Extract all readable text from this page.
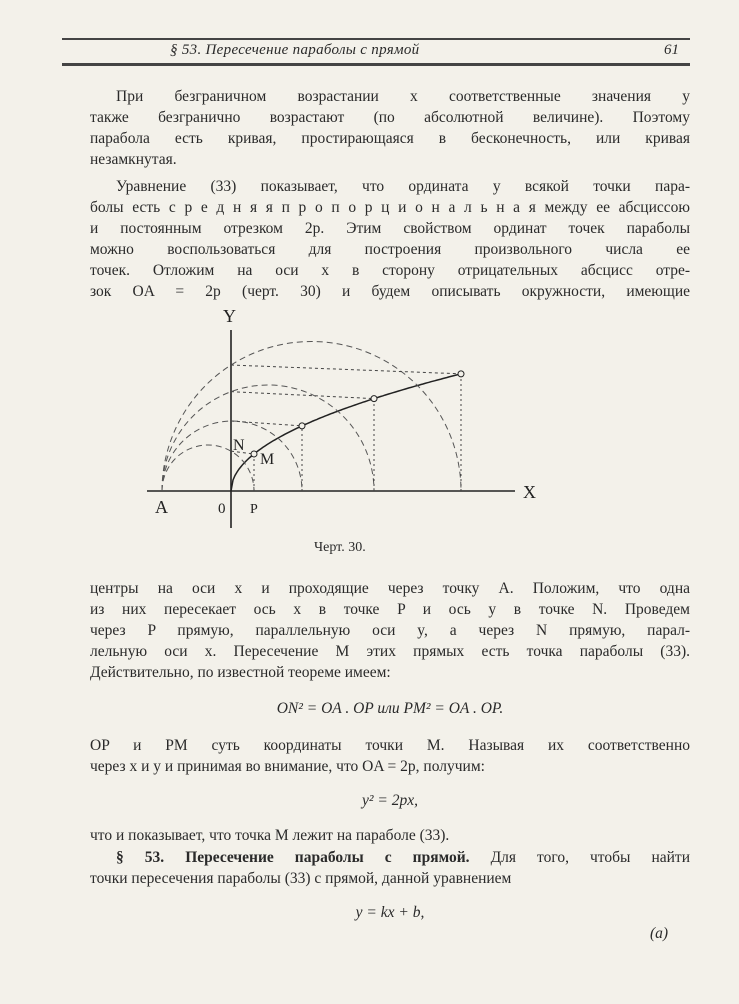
§ 53. Пересечение параболы с прямой	61
При безграничном возрастании x соответственные значения y
также безгранично возрастают (по абсолютной величине). Поэтому
парабола есть кривая, простирающаяся в бесконечность, или кривая
незамкнутая.
Уравнение (33) показывает, что ордината y всякой точки пара-
болы есть с р е д н я я п р о п о р ц и о н а л ь н а я между ее абсциссою
и постоянным отрезком 2p. Этим свойством ординат точек параболы
можно воспользоваться для построения произвольного числа ее
точек. Отложим на оси x в сторону отрицательных абсцисс отре-
зок OA = 2p (черт. 30) и будем описывать окружности, имеющие
центры на оси x и проходящие через точку A. Положим, что одна
из них пересекает ось x в точке P и ось y в точке N. Проведем
через P прямую, параллельную оси y, а через N прямую, парал-
лельную оси x. Пересечение M этих прямых есть точка параболы (33).
Действительно, по известной теореме имеем:
ON² = OA . OP или PM² = OA . OP.
OP и PM суть координаты точки M. Называя их соответственно
через x и y и принимая во внимание, что OA = 2p, получим:
y² = 2px,
что и показывает, что точка M лежит на параболе (33).
§ 53. Пересечение параболы с прямой. Для того, чтобы найти
точки пересечения параболы (33) с прямой, данной уравнением
y = kx + b,
(a)
Y
X
A	0 P
N
M
Черт. 30.
